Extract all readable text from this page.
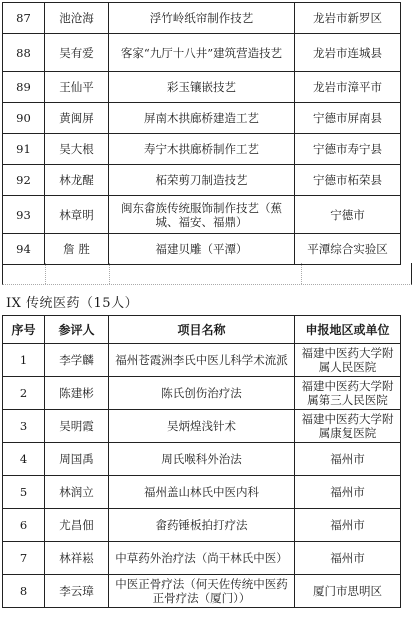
87	池沧海	浮竹岭纸帘制作技艺	龙岩市新罗区
88	吴有爱	客家“九厅十八井”建筑营造技艺	龙岩市连城县
89	王仙平	彩玉镶嵌技艺	龙岩市漳平市
90	黄闽屏	屏南木拱廊桥建造工艺	宁德市屏南县
91	吴大根	寿宁木拱廊桥制作工艺	宁德市寿宁县
92	林龙醒	柘荣剪刀制造技艺	宁德市柘荣县
93	林章明	闽东畲族传统服饰制作技艺（蕉城、福安、福鼎）	宁德市
94	詹 胜	福建贝雕（平潭）	平潭综合实验区
IX 传统医药（15人）
序号	参评人	项目名称	申报地区或单位
1	李学麟	福州苍霞洲李氏中医儿科学术流派	福建中医药大学附属人民医院
2	陈建彬	陈氏创伤治疗法	福建中医药大学附属第三人民医院
3	吴明霞	吴炳煌浅针术	福建中医药大学附属康复医院
4	周国禹	周氏喉科外治法	福州市
5	林润立	福州盖山林氏中医内科	福州市
6	尤昌佃	畲药锤板拍打疗法	福州市
7	林祥崧	中草药外治疗法（尚干林氏中医）	福州市
8	李云璋	中医正骨疗法（何天佐传统中医药正骨疗法（厦门））	厦门市思明区
